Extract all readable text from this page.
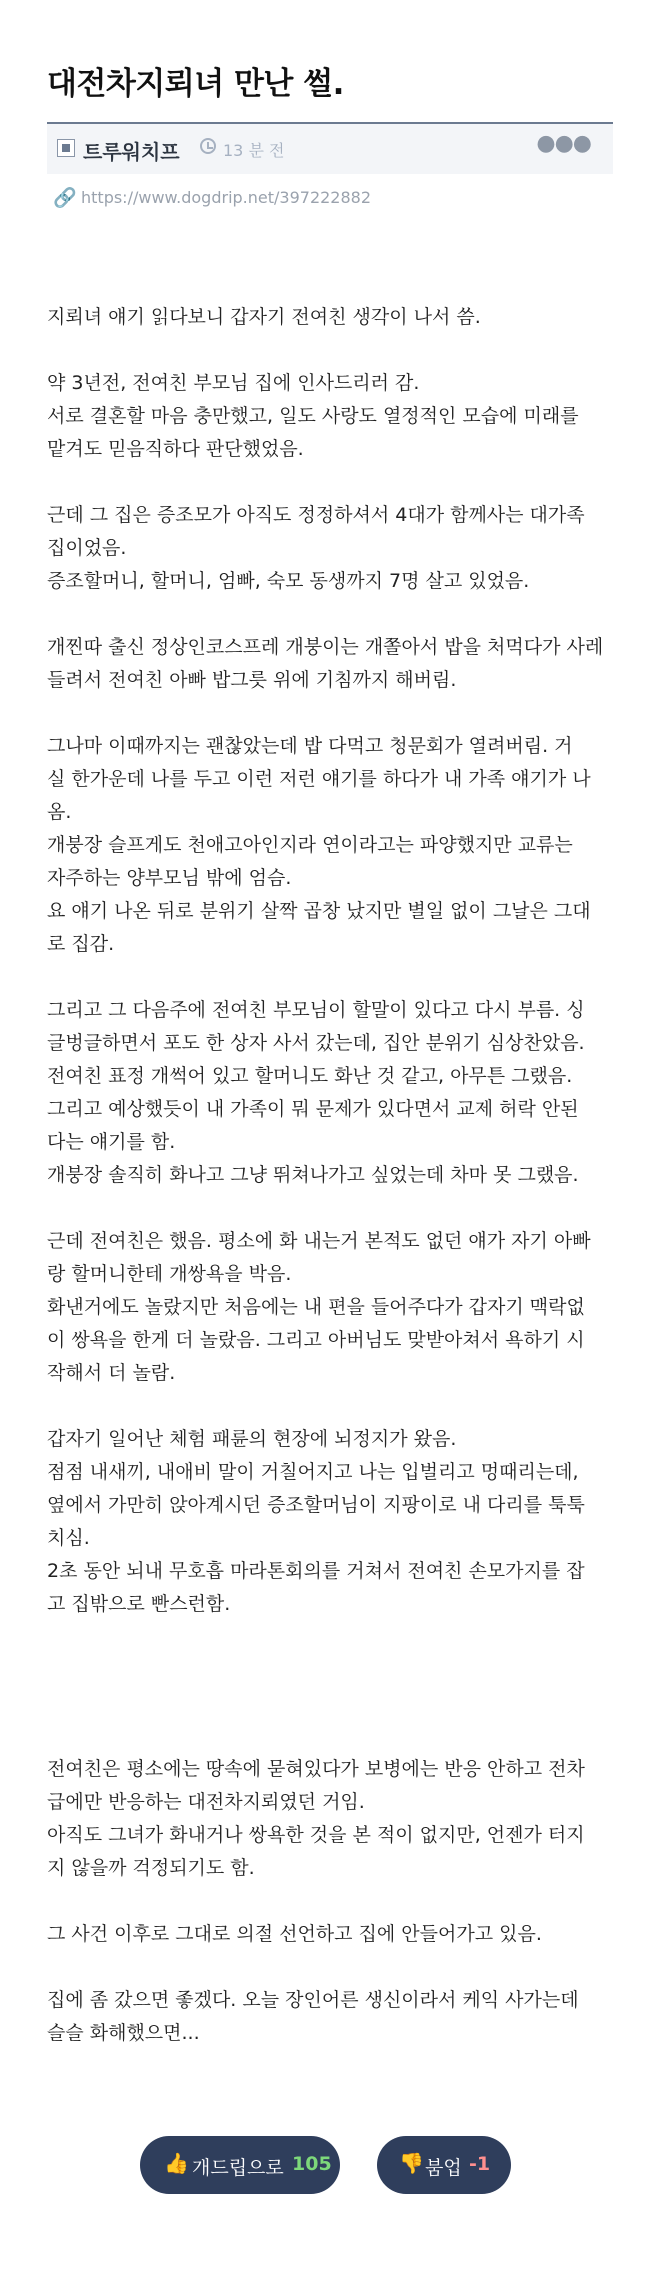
대전차지뢰녀 만난 썰.
트루워치프	13 분 전	●●●
🔗 https://www.dogdrip.net/397222882
지뢰녀 얘기 읽다보니 갑자기 전여친 생각이 나서 씀.
약 3년전, 전여친 부모님 집에 인사드리러 감.
서로 결혼할 마음 충만했고, 일도 사랑도 열정적인 모습에 미래를
맡겨도 믿음직하다 판단했었음.
근데 그 집은 증조모가 아직도 정정하셔서 4대가 함께사는 대가족
집이었음.
증조할머니, 할머니, 엄빠, 숙모 동생까지 7명 살고 있었음.
개찐따 출신 정상인코스프레 개붕이는 개쫄아서 밥을 처먹다가 사레
들려서 전여친 아빠 밥그릇 위에 기침까지 해버림.
그나마 이때까지는 괜찮았는데 밥 다먹고 청문회가 열려버림. 거
실 한가운데 나를 두고 이런 저런 얘기를 하다가 내 가족 얘기가 나
옴.
개붕장 슬프게도 천애고아인지라 연이라고는 파양했지만 교류는
자주하는 양부모님 밖에 엄슴.
요 얘기 나온 뒤로 분위기 살짝 곱창 났지만 별일 없이 그날은 그대
로 집감.
그리고 그 다음주에 전여친 부모님이 할말이 있다고 다시 부름. 싱
글벙글하면서 포도 한 상자 사서 갔는데, 집안 분위기 심상찬았음.
전여친 표정 개썩어 있고 할머니도 화난 것 같고, 아무튼 그랬음.
그리고 예상했듯이 내 가족이 뭐 문제가 있다면서 교제 허락 안된
다는 얘기를 함.
개붕장 솔직히 화나고 그냥 뛰쳐나가고 싶었는데 차마 못 그랬음.
근데 전여친은 했음. 평소에 화 내는거 본적도 없던 얘가 자기 아빠
랑 할머니한테 개쌍욕을 박음.
화낸거에도 놀랐지만 처음에는 내 편을 들어주다가 갑자기 맥락없
이 쌍욕을 한게 더 놀랐음. 그리고 아버님도 맞받아쳐서 욕하기 시
작해서 더 놀람.
갑자기 일어난 체험 패륜의 현장에 뇌정지가 왔음.
점점 내새끼, 내애비 말이 거칠어지고 나는 입벌리고 멍때리는데,
옆에서 가만히 앉아계시던 증조할머님이 지팡이로 내 다리를 툭툭
치심.
2초 동안 뇌내 무호흡 마라톤회의를 거쳐서 전여친 손모가지를 잡
고 집밖으로 빤스런함.
전여친은 평소에는 땅속에 묻혀있다가 보병에는 반응 안하고 전차
급에만 반응하는 대전차지뢰였던 거임.
아직도 그녀가 화내거나 쌍욕한 것을 본 적이 없지만, 언젠가 터지
지 않을까 걱정되기도 함.
그 사건 이후로 그대로 의절 선언하고 집에 안들어가고 있음.
집에 좀 갔으면 좋겠다. 오늘 장인어른 생신이라서 케익 사가는데
슬슬 화해했으면...
👍 개드립으로 105	👎 붐업 -1
